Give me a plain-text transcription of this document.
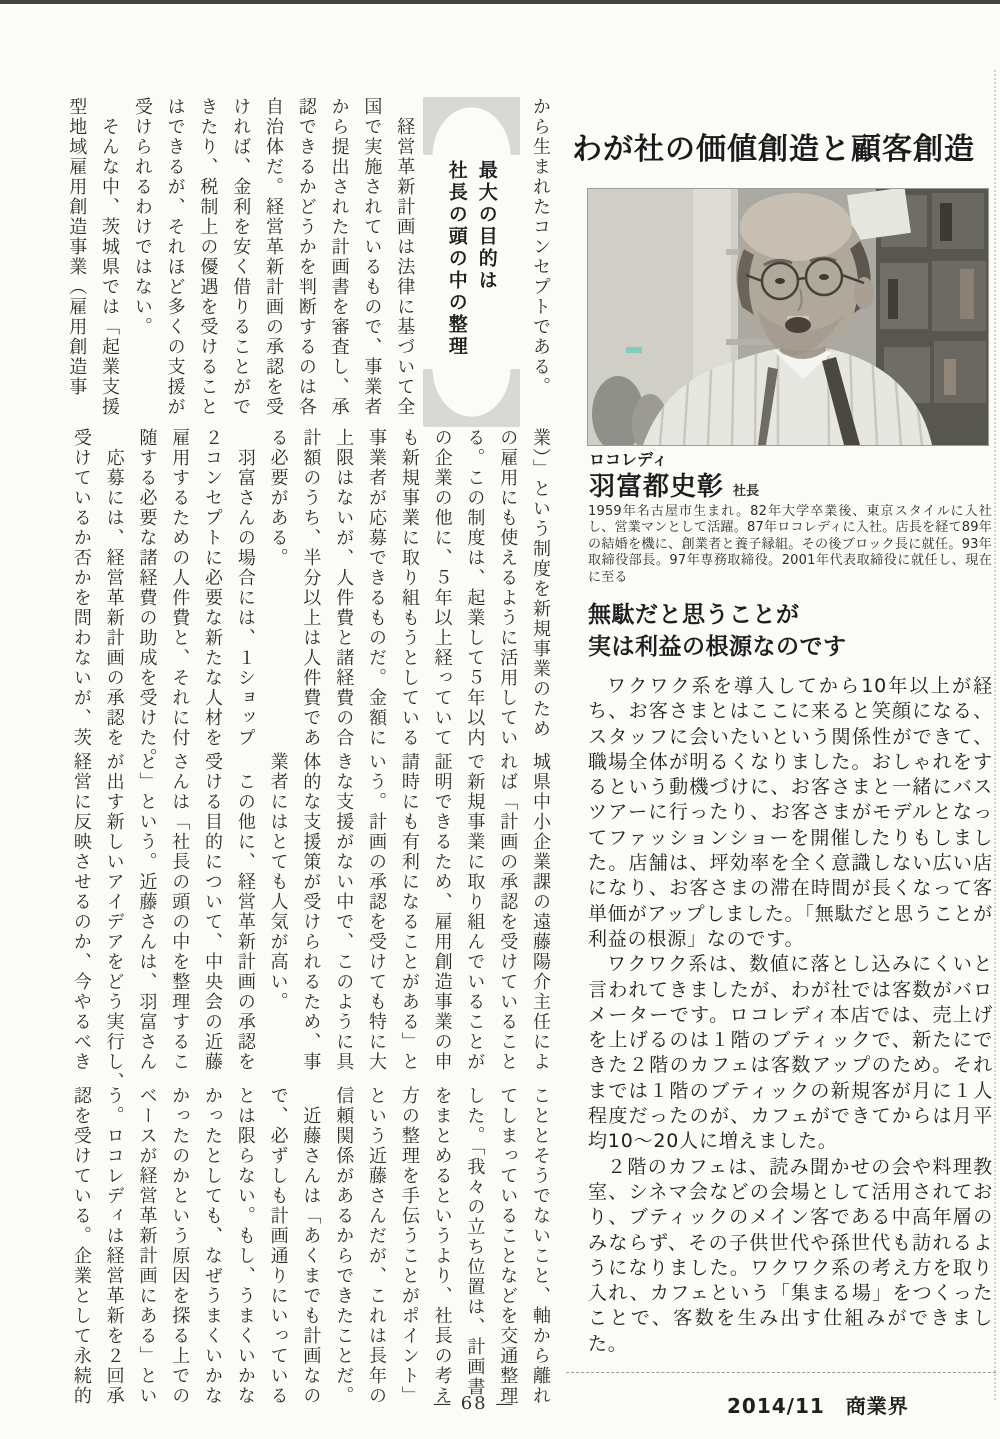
から生まれたコンセプトである。
最大の目的は
社長の頭の中の整理
　経営革新計画は法律に基づいて全
国で実施されているもので、事業者
から提出された計画書を審査し、承
認できるかどうかを判断するのは各
自治体だ。経営革新計画の承認を受
ければ、金利を安く借りることがで
きたり、税制上の優遇を受けること
はできるが、それほど多くの支援が
受けられるわけではない。
　そんな中、茨城県では「起業支援
型地域雇用創造事業（雇用創造事
業）」という制度を新規事業のため
の雇用にも使えるように活用してい
る。この制度は、起業して５年以内
の企業の他に、５年以上経っていて
も新規事業に取り組もうとしている
事業者が応募できるものだ。金額に
上限はないが、人件費と諸経費の合
計額のうち、半分以上は人件費であ
る必要がある。
　羽富さんの場合には、１ショップ
２コンセプトに必要な新たな人材を
雇用するための人件費と、それに付
随する必要な諸経費の助成を受けた。
　応募には、経営革新計画の承認を
受けているか否かを問わないが、茨
城県中小企業課の遠藤陽介主任によ
れば「計画の承認を受けていること
で新規事業に取り組んでいることが
証明できるため、雇用創造事業の申
請時にも有利になることがある」と
いう。計画の承認を受けても特に大
きな支援がない中で、このように具
体的な支援策が受けられるため、事
業者にはとても人気が高い。
　この他に、経営革新計画の承認を
受ける目的について、中央会の近藤
さんは「社長の頭の中を整理するこ
と」という。近藤さんは、羽富さん
が出す新しいアイデアをどう実行し、
経営に反映させるのか、今やるべき
こととそうでないこと、軸から離れ
てしまっていることなどを交通整理
した。「我々の立ち位置は、計画書
をまとめるというより、社長の考え
方の整理を手伝うことがポイント」
という近藤さんだが、これは長年の
信頼関係があるからできたことだ。
　近藤さんは「あくまでも計画なの
で、必ずしも計画通りにいっている
とは限らない。もし、うまくいかな
かったとしても、なぜうまくいかな
かったのかという原因を探る上での
ベースが経営革新計画にある」とい
う。ロコレディは経営革新を２回承
認を受けている。企業として永続的
わが社の価値創造と顧客創造
ロコレディ
羽富都史彰 社長
1959年名古屋市生まれ。82年大学卒業後、東京スタイルに入社し、営業マンとして活躍。87年ロコレディに入社。店長を経て89年の結婚を機に、創業者と養子縁組。その後ブロック長に就任。93年取締役部長。97年専務取締役。2001年代表取締役に就任し、現在に至る
無駄だと思うことが
実は利益の根源なのです
ワクワク系を導入してから10年以上が経ち、お客さまとはここに来ると笑顔になる、スタッフに会いたいという関係性ができて、職場全体が明るくなりました。おしゃれをするという動機づけに、お客さまと一緒にバスツアーに行ったり、お客さまがモデルとなってファッションショーを開催したりもしました。店舗は、坪効率を全く意識しない広い店になり、お客さまの滞在時間が長くなって客単価がアップしました。「無駄だと思うことが利益の根源」なのです。
ワクワク系は、数値に落とし込みにくいと言われてきましたが、わが社では客数がバロメーターです。ロコレディ本店では、売上げを上げるのは１階のブティックで、新たにできた２階のカフェは客数アップのため。それまでは１階のブティックの新規客が月に１人程度だったのが、カフェができてからは月平均10〜20人に増えました。
２階のカフェは、読み聞かせの会や料理教室、シネマ会などの会場として活用されており、ブティックのメイン客である中高年層のみならず、その子供世代や孫世代も訪れるようになりました。ワクワク系の考え方を取り入れ、カフェという「集まる場」をつくったことで、客数を生み出す仕組みができました。
2014/11　商業界
— 68 —
